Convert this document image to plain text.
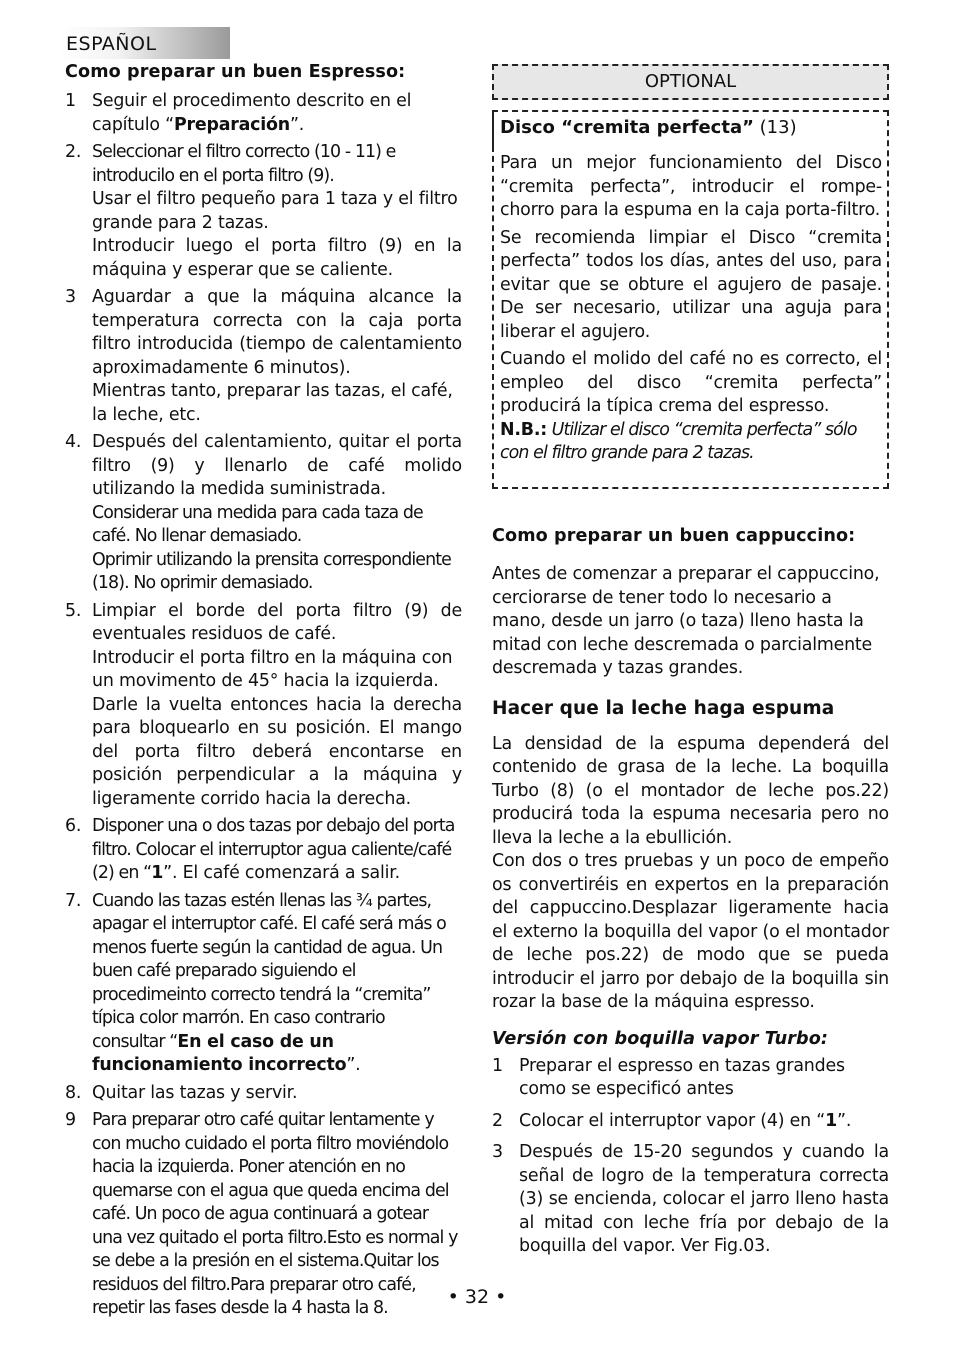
ESPAÑOL
Como preparar un buen Espresso:
1 Seguir el procedimento descrito en el capítulo “Preparación”.
2. Seleccionar el filtro correcto (10 - 11) e introducilo en el porta filtro (9).

Usar el filtro pequeño para 1 taza y el filtro grande para 2 tazas.

Introducir luego el porta filtro (9) en la máquina y esperar que se caliente.

3 Aguardar a que la máquina alcance la temperatura correcta con la caja porta filtro introducida (tiempo de calentamiento aproximadamente 6 minutos).

Mientras tanto, preparar las tazas, el café, la leche, etc.

4. Después del calentamiento, quitar el porta filtro (9) y llenarlo de café molido utilizando la medida suministrada.

Considerar una medida para cada taza de café. No llenar demasiado.

Oprimir utilizando la prensita correspondiente (18). No oprimir demasiado.

5. Limpiar el borde del porta filtro (9) de eventuales residuos de café.

Introducir el porta filtro en la máquina con un movimento de 45° hacia la izquierda.

Darle la vuelta entonces hacia la derecha para bloquearlo en su posición. El mango del porta filtro deberá encontarse en posición perpendicular a la máquina y ligeramente corrido hacia la derecha.

6. Disponer una o dos tazas por debajo del porta filtro. Colocar el interruptor agua caliente/café (2) en “1”. El café comenzará a salir.
7. Cuando las tazas estén llenas las ¾ partes, apagar el interruptor café. El café será más o menos fuerte según la cantidad de agua. Un buen café preparado siguiendo el procedimeinto correcto tendrá la “cremita” típica color marrón. En caso contrario consultar “En el caso de un funcionamiento incorrecto”.
8. Quitar las tazas y servir.
9 Para preparar otro café quitar lentamente y con mucho cuidado el porta filtro moviéndolo hacia la izquierda. Poner atención en no quemarse con el agua que queda encima del café. Un poco de agua continuará a gotear una vez quitado el porta filtro.Esto es normal y se debe a la presión en el sistema.Quitar los residuos del filtro.Para preparar otro café, repetir las fases desde la 4 hasta la 8.

OPTIONAL
Disco “cremita perfecta” (13)

Para un mejor funcionamiento del Disco “cremita perfecta”, introducir el rompe-chorro para la espuma en la caja porta-filtro.

Se recomienda limpiar el Disco “cremita perfecta” todos los días, antes del uso, para evitar que se obture el agujero de pasaje. De ser necesario, utilizar una aguja para liberar el agujero.

Cuando el molido del café no es correcto, el empleo del disco “cremita perfecta” producirá la típica crema del espresso.

N.B.: Utilizar el disco “cremita perfecta” sólo con el filtro grande para 2 tazas.

Como preparar un buen cappuccino:

Antes de comenzar a preparar el cappuccino, cerciorarse de tener todo lo necesario a mano, desde un jarro (o taza) lleno hasta la mitad con leche descremada o parcialmente descremada y tazas grandes.

Hacer que la leche haga espuma

La densidad de la espuma dependerá del contenido de grasa de la leche. La boquilla Turbo (8) (o el montador de leche pos.22) producirá toda la espuma necesaria pero no lleva la leche a la ebullición.

Con dos o tres pruebas y un poco de empeño os convertiréis en expertos en la preparación del cappuccino.Desplazar ligeramente hacia el externo la boquilla del vapor (o el montador de leche pos.22) de modo que se pueda introducir el jarro por debajo de la boquilla sin rozar la base de la máquina espresso.

Versión con boquilla vapor Turbo:
1 Preparar el espresso en tazas grandes como se especificó antes
2 Colocar el interruptor vapor (4) en “1”.
3 Después de 15-20 segundos y cuando la señal de logro de la temperatura correcta (3) se encienda, colocar el jarro lleno hasta al mitad con leche fría por debajo de la boquilla del vapor. Ver Fig.03.
• 32 •
